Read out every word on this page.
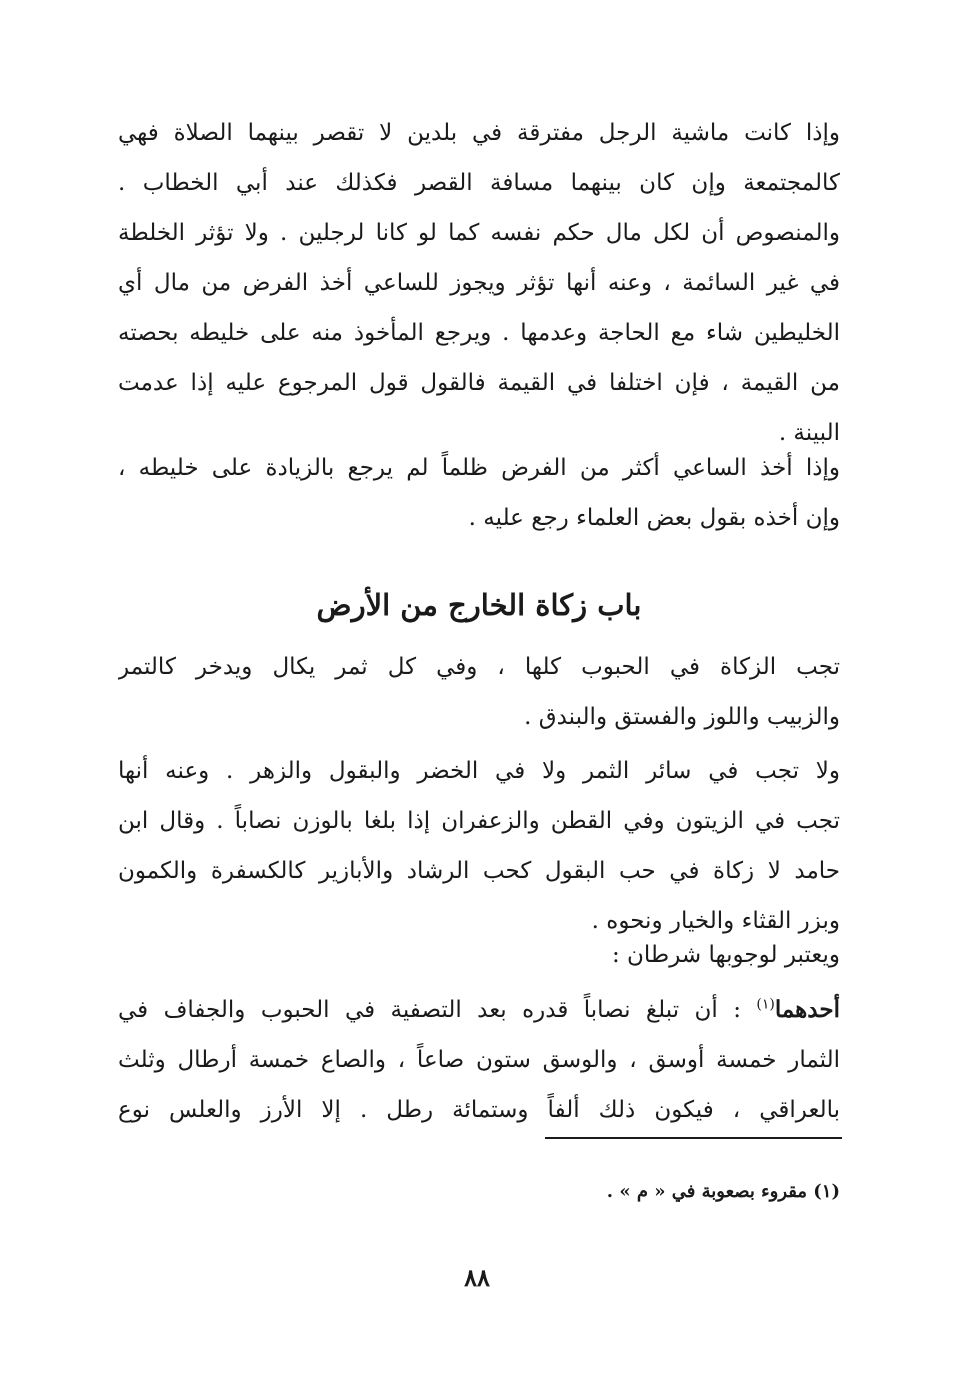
وإذا كانت ماشية الرجل مفترقة في بلدين لا تقصر بينهما الصلاة فهي
كالمجتمعة وإن كان بينهما مسافة القصر فكذلك عند أبي الخطاب .
والمنصوص أن لكل مال حكم نفسه كما لو كانا لرجلين . ولا تؤثر الخلطة
في غير السائمة ، وعنه أنها تؤثر ويجوز للساعي أخذ الفرض من مال أي
الخليطين شاء مع الحاجة وعدمها . ويرجع المأخوذ منه على خليطه بحصته
من القيمة ، فإن اختلفا في القيمة فالقول قول المرجوع عليه إذا عدمت
البينة .
وإذا أخذ الساعي أكثر من الفرض ظلماً لم يرجع بالزيادة على خليطه ،
وإن أخذه بقول بعض العلماء رجع عليه .
باب زكاة الخارج من الأرض
تجب الزكاة في الحبوب كلها ، وفي كل ثمر يكال ويدخر كالتمر
والزبيب واللوز والفستق والبندق .
ولا تجب في سائر الثمر ولا في الخضر والبقول والزهر . وعنه أنها
تجب في الزيتون وفي القطن والزعفران إذا بلغا بالوزن نصاباً . وقال ابن
حامد لا زكاة في حب البقول كحب الرشاد والأبازير كالكسفرة والكمون
وبزر القثاء والخيار ونحوه .
ويعتبر لوجوبها شرطان :
أحدهما$^{(١)}$ : أن تبلغ نصاباً قدره بعد التصفية في الحبوب والجفاف في
الثمار خمسة أوسق ، والوسق ستون صاعاً ، والصاع خمسة أرطال وثلث
بالعراقي ، فيكون ذلك ألفاً وستمائة رطل . إلا الأرز والعلس نوع
(١) مقروء بصعوبة في « م » .
٨٨
